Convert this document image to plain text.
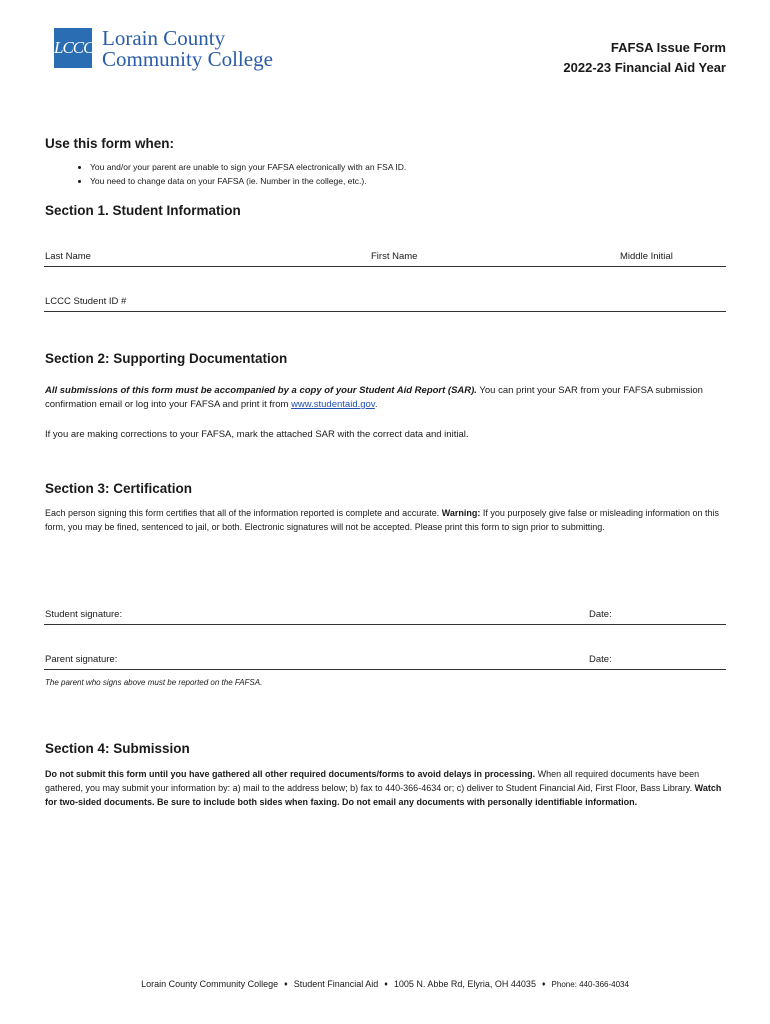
LCCC Lorain County
Community College	FAFSA Issue Form
2022-23 Financial Aid Year
Use this form when:
• You and/or your parent are unable to sign your FAFSA electronically with an FSA ID.
• You need to change data on your FAFSA (ie. Number in the college, etc.).
Section 1. Student Information
Last Name	First Name	Middle Initial
LCCC Student ID #
Section 2: Supporting Documentation
All submissions of this form must be accompanied by a copy of your Student Aid Report (SAR). You can print your SAR from your FAFSA submission confirmation email or log into your FAFSA and print it from www.studentaid.gov.
If you are making corrections to your FAFSA, mark the attached SAR with the correct data and initial.
Section 3: Certification
Each person signing this form certifies that all of the information reported is complete and accurate. Warning: If you purposely give false or misleading information on this form, you may be fined, sentenced to jail, or both. Electronic signatures will not be accepted. Please print this form to sign prior to submitting.
Student signature:	Date:
Parent signature:	Date:
The parent who signs above must be reported on the FAFSA.
Section 4: Submission
Do not submit this form until you have gathered all other required documents/forms to avoid delays in processing. When all required documents have been gathered, you may submit your information by: a) mail to the address below; b) fax to 440-366-4634 or; c) deliver to Student Financial Aid, First Floor, Bass Library. Watch for two-sided documents. Be sure to include both sides when faxing. Do not email any documents with personally identifiable information.
Lorain County Community College ♦ Student Financial Aid ♦ 1005 N. Abbe Rd, Elyria, OH 44035 ♦ Phone: 440-366-4034
